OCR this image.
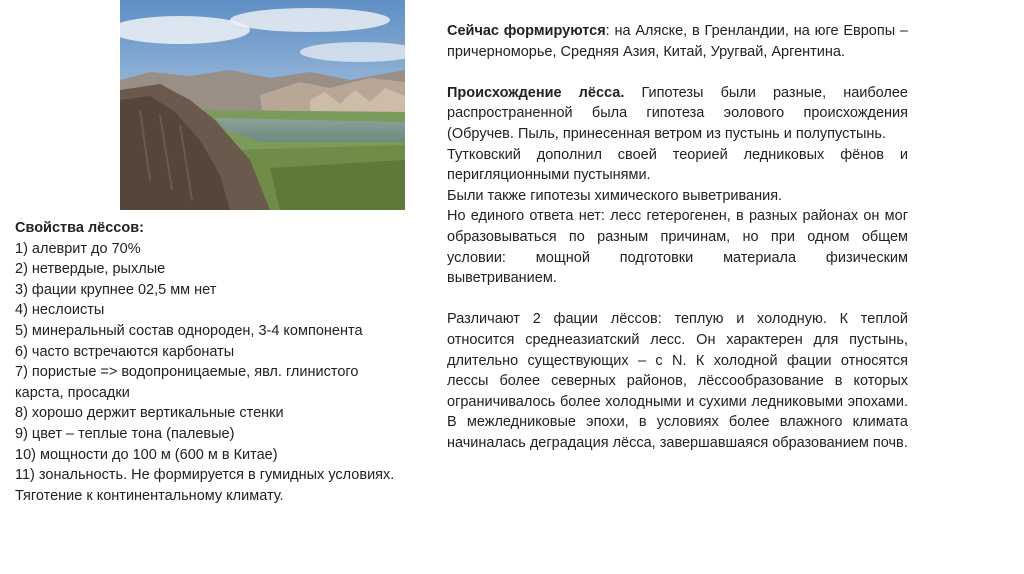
Свойства лёссов:
1) алеврит до 70%
2) нетвердые, рыхлые
3) фации крупнее 02,5 мм нет
4) неслоисты
5) минеральный состав однороден, 3-4 компонента
6) часто встречаются карбонаты
7) пористые => водопроницаемые, явл. глинистого карста, просадки
8) хорошо держит вертикальные стенки
9) цвет – теплые тона (палевые)
10) мощности до 100 м (600 м в Китае)
11) зональность. Не формируется в гумидных условиях. Тяготение к континентальному климату.

Сейчас формируются: на Аляске, в Гренландии, на юге Европы – причерноморье, Средняя Азия, Китай, Уругвай, Аргентина.

Происхождение лёсса. Гипотезы были разные, наиболее распространенной была гипотеза эолового происхождения (Обручев. Пыль, принесенная ветром из пустынь и полупустынь.

Тутковский дополнил своей теорией ледниковых фёнов и перигляционными пустынями.

Были также гипотезы химического выветривания.

Но единого ответа нет: лесс гетерогенен, в разных районах он мог образовываться по разным причинам, но при одном общем условии: мощной подготовки материала физическим выветриванием.

Различают 2 фации лёссов: теплую и холодную. К теплой относится среднеазиатский лесс. Он характерен для пустынь, длительно существующих – с N. К холодной фации относятся лессы более северных районов, лёссообразование в которых ограничивалось более холодными и сухими ледниковыми эпохами. В межледниковые эпохи, в условиях более влажного климата начиналась деградация лёсса, завершавшаяся образованием почв.
